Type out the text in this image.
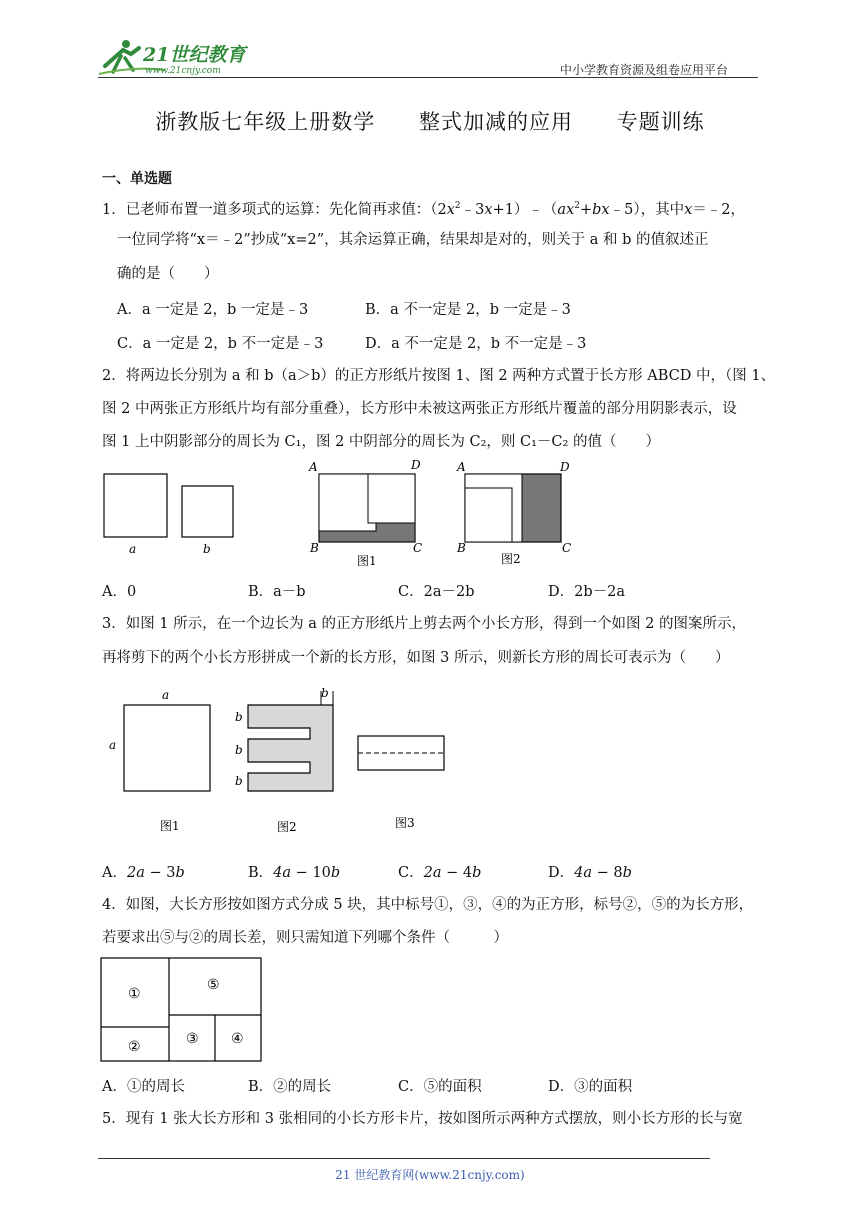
21世纪教育
www.21cnjy.com	中小学教育资源及组卷应用平台
浙教版七年级上册数学 整式加减的应用 专题训练
一、单选题
1．已老师布置一道多项式的运算：先化简再求值：$(2x^2﹣3x+1)﹣(ax^2+bx﹣5)$，其中x＝﹣2，
一位同学将“x＝﹣2”抄成“x=2”，其余运算正确，结果却是对的，则关于 a 和 b 的值叙述正
确的是（　　）
A．a 一定是 2，b 一定是﹣3	B．a 不一定是 2，b 一定是﹣3
C．a 一定是 2，b 不一定是﹣3	D．a 不一定是 2，b 不一定是﹣3
2．将两边长分别为 a 和 b（a＞b）的正方形纸片按图 1、图 2 两种方式置于长方形 ABCD 中，（图 1、
图 2 中两张正方形纸片均有部分重叠），长方形中未被这两张正方形纸片覆盖的部分用阴影表示，设
图 1 上中阴影部分的周长为 C₁，图 2 中阴部分的周长为 C₂，则 C₁－C₂ 的值（　　）
a	b
A	D
B	C
图1
A	D
B	C
图2
A．0	B．a－b	C．2a－2b	D．2b－2a
3．如图 1 所示，在一个边长为 a 的正方形纸片上剪去两个小长方形，得到一个如图 2 的图案所示，
再将剪下的两个小长方形拼成一个新的长方形，如图 3 所示，则新长方形的周长可表示为（　　）
a
a
图1
b
b
b
b
图2	图3
A．2a − 3b	B．4a − 10b	C．2a − 4b	D．4a − 8b
4．如图，大长方形按如图方式分成 5 块，其中标号①，③，④的为正方形，标号②，⑤的为长方形，
若要求出⑤与②的周长差，则只需知道下列哪个条件（　　　）
①
⑤
②	③ ④
A．①的周长	B．②的周长	C．⑤的面积	D．③的面积
5．现有 1 张大长方形和 3 张相同的小长方形卡片，按如图所示两种方式摆放，则小长方形的长与宽
21 世纪教育网(www.21cnjy.com)
